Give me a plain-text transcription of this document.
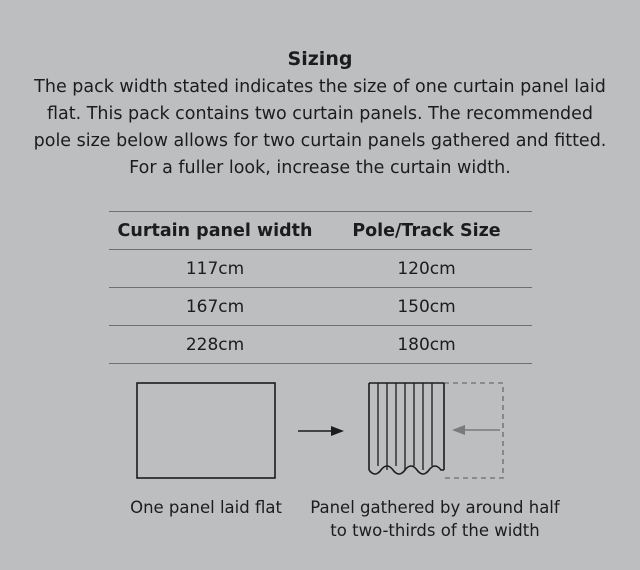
Sizing
The pack width stated indicates the size of one curtain panel laid flat. This pack contains two curtain panels. The recommended pole size below allows for two curtain panels gathered and fitted. For a fuller look, increase the curtain width.
Curtain panel width	Pole/Track Size
117cm	120cm
167cm	150cm
228cm	180cm
One panel laid flat	Panel gathered by around half
to two-thirds of the width
